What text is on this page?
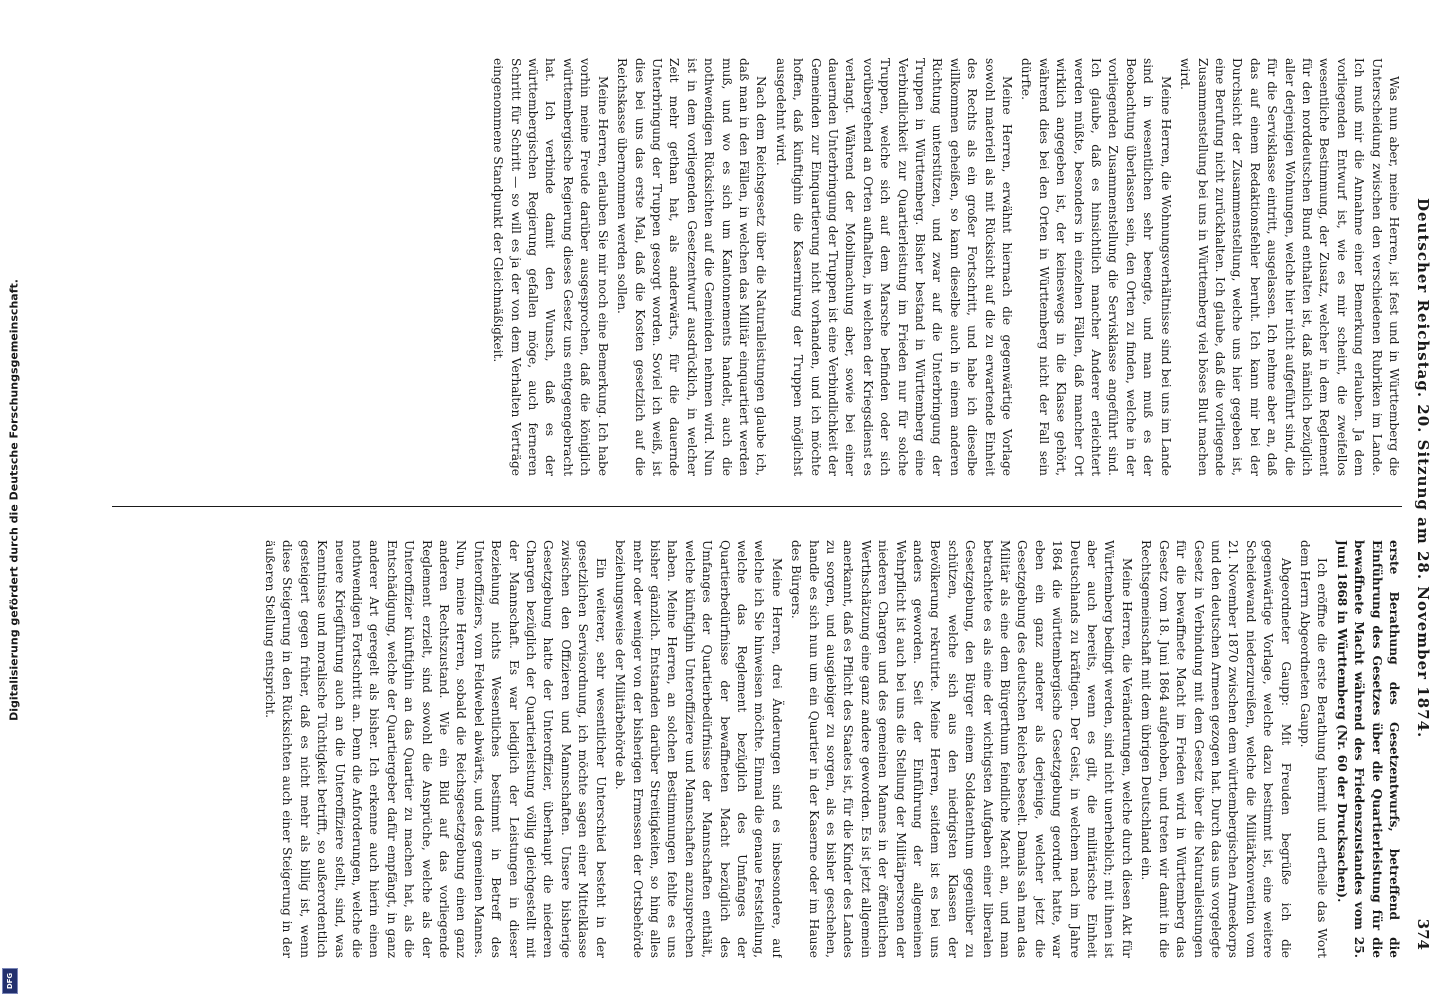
Digitalisierung gefördert durch die Deutsche Forschungsgemeinschaft.
DFG
374
Deutscher Reichstag. 20. Sitzung am 28. November 1874.

erste Berathung des Gesetzentwurfs, betreffend die Einführung des Gesetzes über die Quartierleistung für die bewaffnete Macht während des Friedenszustandes vom 25. Juni 1868 in Württemberg (Nr. 60 der Drucksachen).

Ich eröffne die erste Berathung hiermit und ertheile das Wort dem Herrn Abgeordneten Gaupp.

Abgeordneter Gaupp: Mit Freuden begrüße ich die gegenwärtige Vorlage, welche dazu bestimmt ist, eine weitere Scheidewand niederzureißen, welche die Militärkonvention vom 21. November 1870 zwischen dem württembergischen Armeekorps und den deutschen Armeen gezogen hat. Durch das uns vorgelegte Gesetz in Verbindung mit dem Gesetz über die Naturalleistungen für die bewaffnete Macht im Frieden wird in Württemberg das Gesetz vom 18. Juni 1864 aufgehoben, und treten wir damit in die Rechtsgemeinschaft mit dem übrigen Deutschland ein.

Meine Herren, die Veränderungen, welche durch diesen Akt für Württemberg bedingt werden, sind nicht unerheblich; mit ihnen ist aber auch bereits, wenn es gilt, die militärische Einheit Deutschlands zu kräftigen. Der Geist, in welchem nach im Jahre 1864 die württembergische Gesetzgebung geordnet hatte, war eben ein ganz anderer als derjenige, welcher jetzt die Gesetzgebung des deutschen Reiches beseelt. Damals sah man das Militär als eine dem Bürgerthum feindliche Macht an, und man betrachtete es als eine der wichtigsten Aufgaben einer liberalen Gesetzgebung, den Bürger einem Soldatenthum gegenüber zu schützen, welche sich aus den niedrigsten Klassen der Bevölkerung rekrutirte. Meine Herren, seitdem ist es bei uns anders geworden. Seit der Einführung der allgemeinen Wehrpflicht ist auch bei uns die Stellung der Militärpersonen der niederen Chargen und des gemeinen Mannes in der öffentlichen Werthschätzung eine ganz andere geworden. Es ist jetzt allgemein anerkannt, daß es Pflicht des Staates ist, für die Kinder des Landes zu sorgen, und ausgiebiger zu sorgen, als es bisher geschehen, handle es sich nun um ein Quartier in der Kaserne oder im Hause des Bürgers.

Meine Herren, drei Änderungen sind es insbesondere, auf welche ich Sie hinweisen möchte. Einmal die genaue Feststellung, welche das Reglement bezüglich des Umfanges der Quartierbedürfnisse der bewaffneten Macht bezüglich des Umfanges der Quartierbedürfnisse der Mannschaften enthält, welche künftighin Unteroffiziere und Mannschaften anzusprechen haben. Meine Herren, an solchen Bestimmungen fehlte es uns bisher gänzlich. Entstanden darüber Streitigkeiten, so hing alles mehr oder weniger von der bisherigen Ermessen der Ortsbehörde beziehungsweise der Militärbehörde ab.

Ein weiterer, sehr wesentlicher Unterschied besteht in der gesetzlichen Servisordnung, ich möchte sagen einer Mittelklasse zwischen den Offizieren und Mannschaften. Unsere bisherige Gesetzgebung hatte der Unteroffizier, überhaupt die niederen Chargen bezüglich der Quartierleistung völlig gleichgestellt mit der Mannschaft. Es war lediglich der Leistungen in dieser Beziehung nichts Wesentliches bestimmt in Betreff des Unteroffiziers, vom Feldwebel abwärts, und des gemeinen Mannes. Nun, meine Herren, sobald die Reichsgesetzgebung einen ganz anderen Rechtszustand. Wie ein Bild auf das vorliegende Reglement erzielt, sind sowohl die Ansprüche, welche als der Unteroffizier künftighin an das Quartier zu machen hat, als die Entschädigung, welche der Quartiergeber dafür empfängt, in ganz anderer Art geregelt als bisher. Ich erkenne auch hierin einen nothwendigen Fortschritt an. Denn die Anforderungen, welche die neuere Kriegführung auch an die Unteroffiziere stellt, sind, was Kenntnisse und moralische Tüchtigkeit betrifft, so außerordentlich gesteigert gegen früher, daß es nicht mehr als billig ist, wenn diese Steigerung in den Rücksichten auch einer Steigerung in der äußeren Stellung entspricht.

Was nun aber, meine Herren, ist fest und in Württemberg die Unterscheidung zwischen den verschiedenen Rubriken im Lande. Ich muß mir die Annahme einer Bemerkung erlauben. Ja dem vorliegenden Entwurf ist, wie es mir scheint, die zweifellos wesentliche Bestimmung, der Zusatz, welcher in dem Reglement für den norddeutschen Bund enthalten ist, daß nämlich bezüglich aller derjenigen Wohnungen, welche hier nicht aufgeführt sind, die für die Servisklasse eintritt, ausgelassen. Ich nehme aber an, daß das auf einem Redaktionsfehler beruht. Ich kann mir bei der Durchsicht der Zusammenstellung, welche uns hier gegeben ist, eine Berufung nicht zurückhalten. Ich glaube, daß die vorliegende Zusammenstellung bei uns in Württemberg viel böses Blut machen wird.

Meine Herren, die Wohnungsverhältnisse sind bei uns im Lande sind in wesentlichen sehr beengte, und man muß es der Beobachtung überlassen sein, den Orten zu finden, welche in der vorliegenden Zusammenstellung die Servisklasse angeführt sind. Ich glaube, daß es hinsichtlich mancher Anderer erleichtert werden müßte, besonders in einzelnen Fällen, daß mancher Ort wirklich angegeben ist, der keineswegs in die Klasse gehört, während dies bei den Orten in Württemberg nicht der Fall sein dürfte.

Meine Herren, erwähnt hiernach die gegenwärtige Vorlage sowohl materiell als mit Rücksicht auf die zu erwartende Einheit des Rechts als ein großer Fortschritt, und habe ich dieselbe willkommen geheißen, so kann dieselbe auch in einem anderen Richtung unterstützen, und zwar auf die Unterbringung der Truppen in Württemberg. Bisher bestand in Württemberg eine Verbindlichkeit zur Quartierleistung im Frieden nur für solche Truppen, welche sich auf dem Marsche befinden oder sich vorübergehend an Orten aufhalten, in welchen der Kriegsdienst es verlangt. Während der Mobilmachung aber, sowie bei einer dauernden Unterbringung der Truppen ist eine Verbindlichkeit der Gemeinden zur Einquartierung nicht vorhanden, und ich möchte hoffen, daß künftighin die Kasernirung der Truppen möglichst ausgedehnt wird.

Nach dem Reichsgesetz über die Naturalleistungen glaube ich, daß man in den Fällen, in welchen das Militär einquartiert werden muß, und wo es sich um Kantonnements handelt, auch die nothwendigen Rücksichten auf die Gemeinden nehmen wird. Nun ist in dem vorliegenden Gesetzentwurf ausdrücklich, in welcher Zeit mehr gethan hat, als anderwärts, für die dauernde Unterbringung der Truppen gesorgt worden. Soviel ich weiß, ist dies bei uns das erste Mal, daß die Kosten gesetzlich auf die Reichskasse übernommen werden sollen.

Meine Herren, erlauben Sie mir noch eine Bemerkung. Ich habe vorhin meine Freude darüber ausgesprochen, daß die königlich württembergische Regierung dieses Gesetz uns entgegengebracht hat. Ich verbinde damit den Wunsch, daß es der württembergischen Regierung gefallen möge, auch ferneren Schritt für Schritt — so will es ja der von dem Verhalten Verträge eingenommene Standpunkt der Gleichmäßigkeit.
